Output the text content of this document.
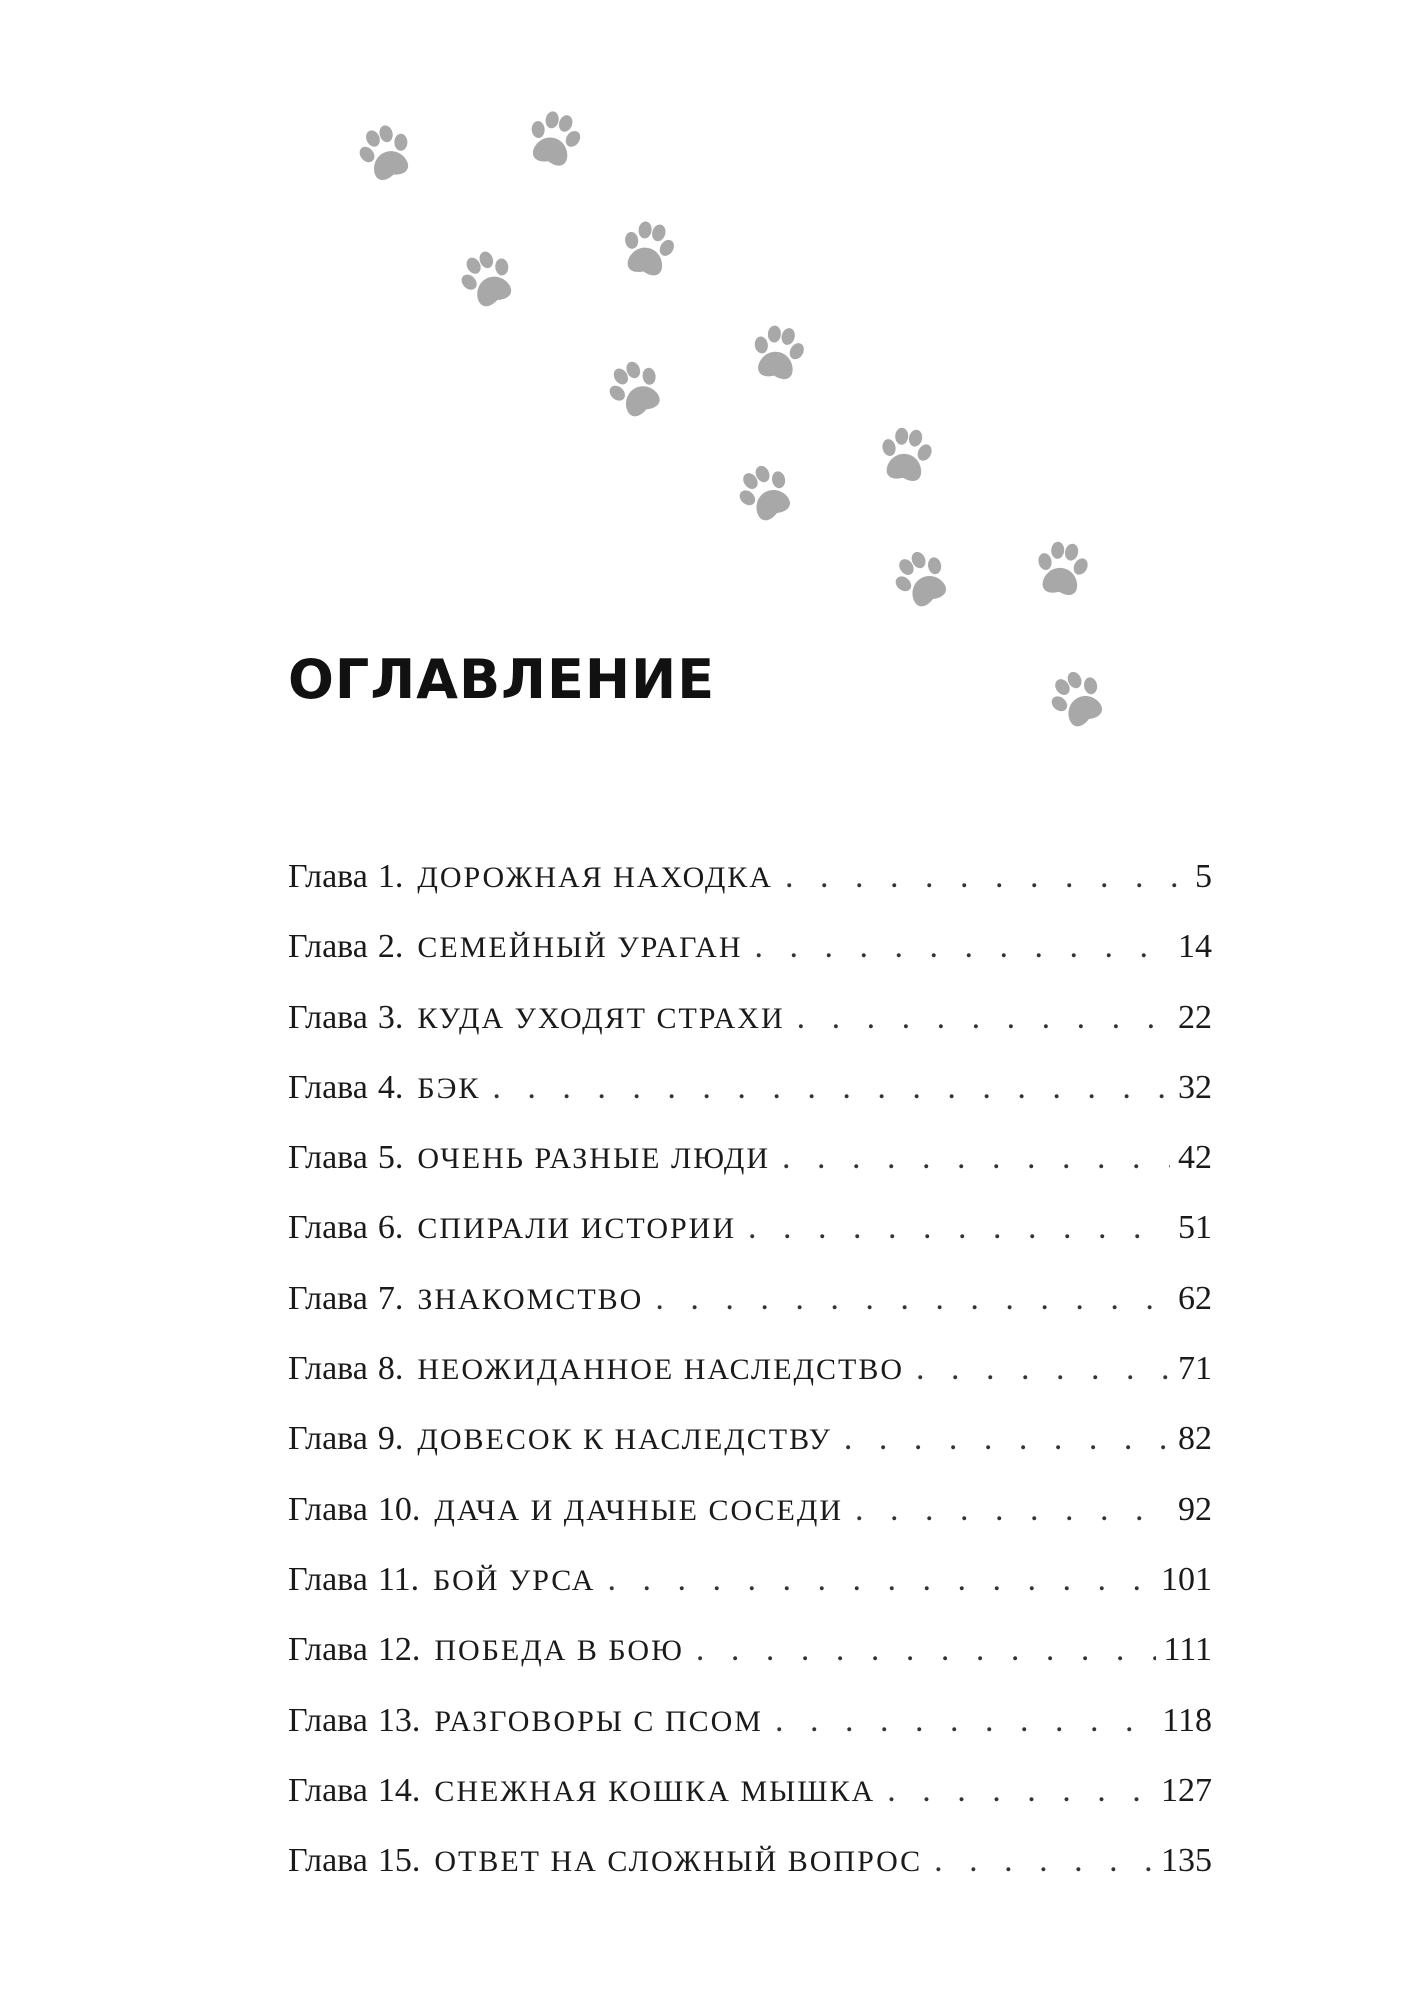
ОГЛАВЛЕНИЕ
Глава 1. ДОРОЖНАЯ НАХОДКА . . .	5
Глава 2. СЕМЕЙНЫЙ УРАГАН . . .	14
Глава 3. КУДА УХОДЯТ СТРАХИ . . .	22
Глава 4. БЭК . . .	32
Глава 5. ОЧЕНЬ РАЗНЫЕ ЛЮДИ . . .	42
Глава 6. СПИРАЛИ ИСТОРИИ . . .	51
Глава 7. ЗНАКОМСТВО . . .	62
Глава 8. НЕОЖИДАННОЕ НАСЛЕДСТВО . . .	71
Глава 9. ДОВЕСОК К НАСЛЕДСТВУ . . .	82
Глава 10. ДАЧА И ДАЧНЫЕ СОСЕДИ . . .	92
Глава 11. БОЙ УРСА . . .	101
Глава 12. ПОБЕДА В БОЮ . . .	111
Глава 13. РАЗГОВОРЫ С ПСОМ . . .	118
Глава 14. СНЕЖНАЯ КОШКА МЫШКА . . .	127
Глава 15. ОТВЕТ НА СЛОЖНЫЙ ВОПРОС . . .	135
